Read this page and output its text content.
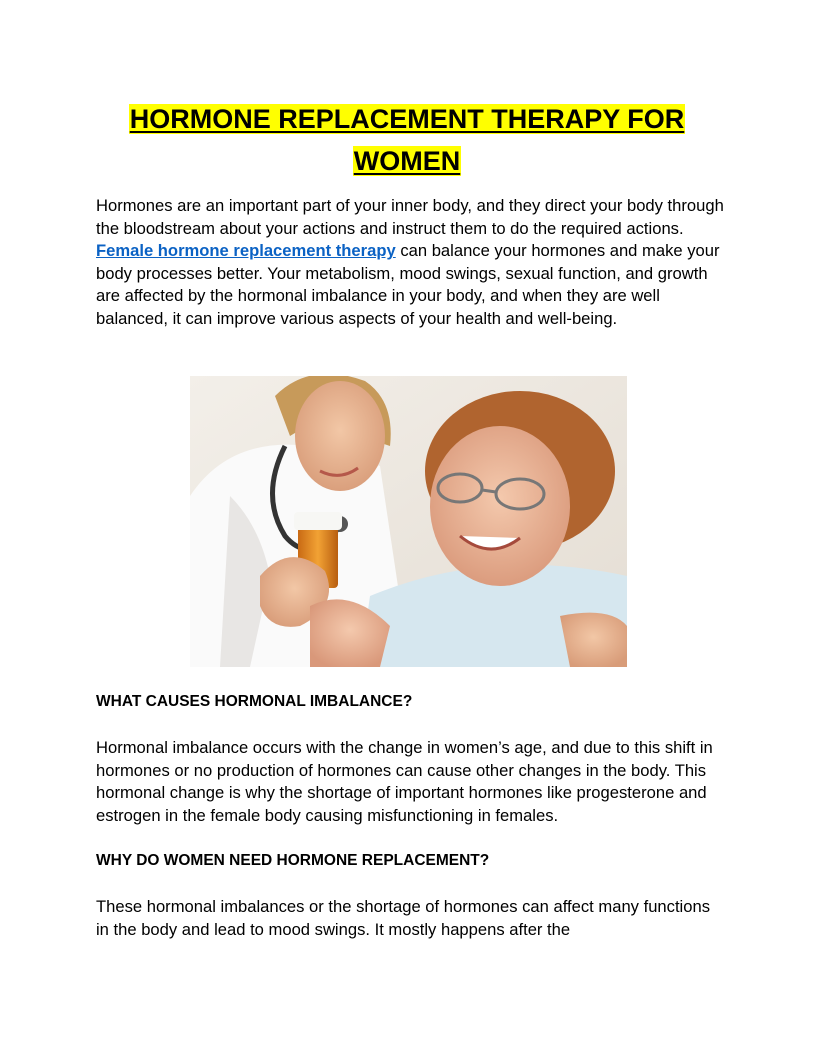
HORMONE REPLACEMENT THERAPY FOR
WOMEN

Hormones are an important part of your inner body, and they direct your body through the bloodstream about your actions and instruct them to do the required actions. Female hormone replacement therapy can balance your hormones and make your body processes better. Your metabolism, mood swings, sexual function, and growth are affected by the hormonal imbalance in your body, and when they are well balanced, it can improve various aspects of your health and well-being.

WHAT CAUSES HORMONAL IMBALANCE?

Hormonal imbalance occurs with the change in women’s age, and due to this shift in hormones or no production of hormones can cause other changes in the body. This hormonal change is why the shortage of important hormones like progesterone and estrogen in the female body causing misfunctioning in females.

WHY DO WOMEN NEED HORMONE REPLACEMENT?

These hormonal imbalances or the shortage of hormones can affect many functions in the body and lead to mood swings. It mostly happens after the
